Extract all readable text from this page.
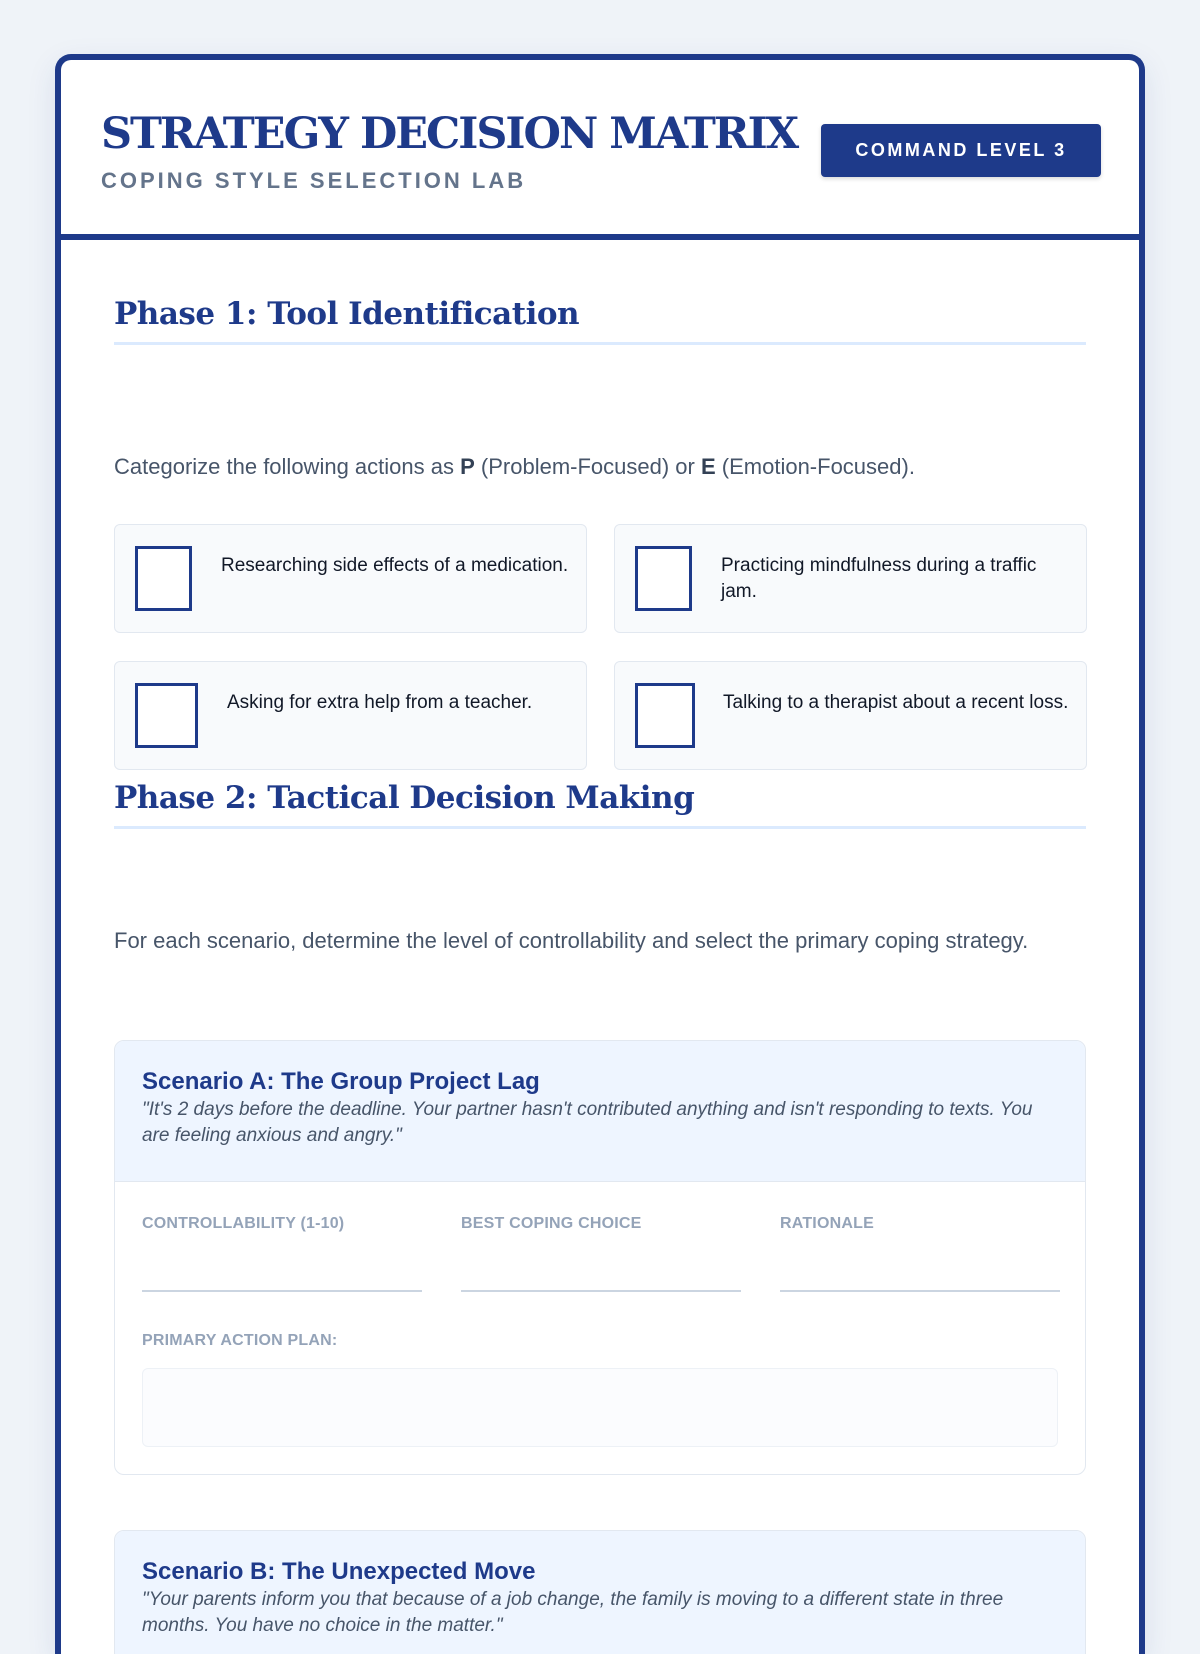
STRATEGY DECISION MATRIX
COPING STYLE SELECTION LAB
COMMAND LEVEL 3
Phase 1: Tool Identification

Categorize the following actions as P (Problem-Focused) or E (Emotion-Focused).

Researching side effects of a medication.	Practicing mindfulness during a traffic jam.
Asking for extra help from a teacher.	Talking to a therapist about a recent loss.
Phase 2: Tactical Decision Making

For each scenario, determine the level of controllability and select the primary coping strategy.

Scenario A: The Group Project Lag

"It's 2 days before the deadline. Your partner hasn't contributed anything and isn't responding to texts. You are feeling anxious and angry."

CONTROLLABILITY (1-10)	BEST COPING CHOICE	RATIONALE
PRIMARY ACTION PLAN:
Scenario B: The Unexpected Move

"Your parents inform you that because of a job change, the family is moving to a different state in three months. You have no choice in the matter."
